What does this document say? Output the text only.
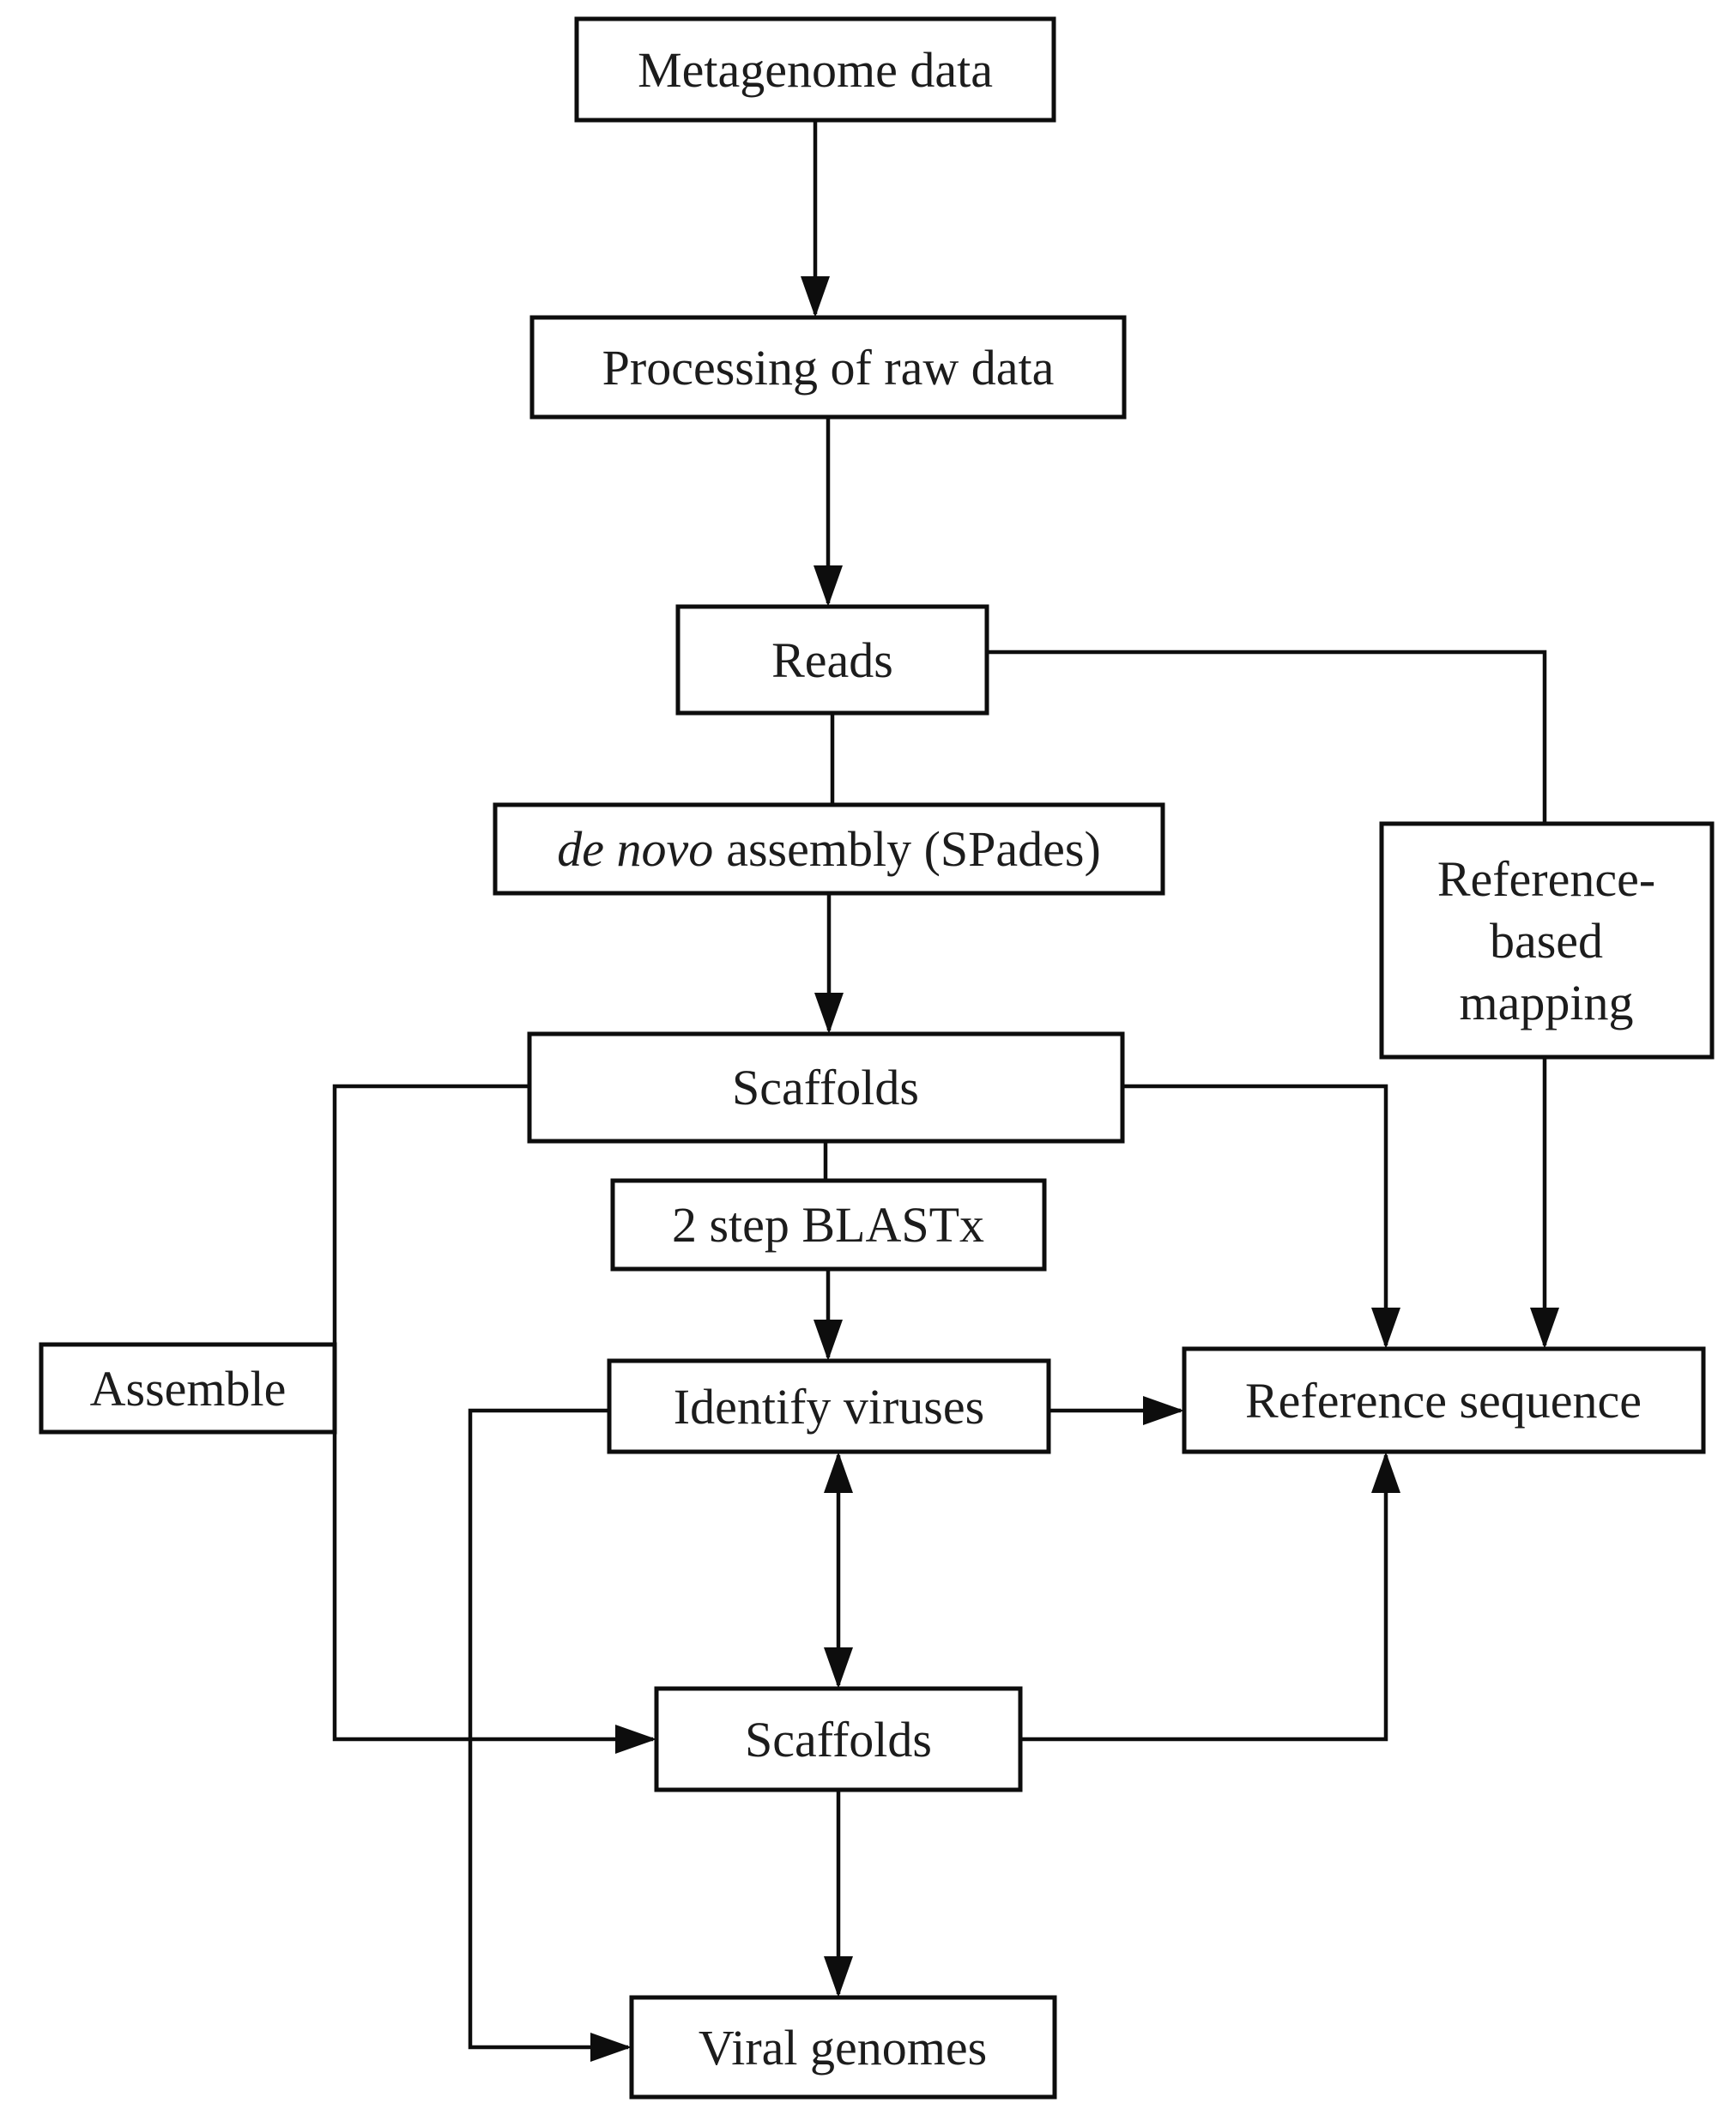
Metagenome data
Processing of raw data
Reads
de novo assembly (SPades)
Reference-based mapping
Scaffolds
2 step BLASTx
Assemble	Identify viruses	Reference sequence
Scaffolds
Viral genomes
